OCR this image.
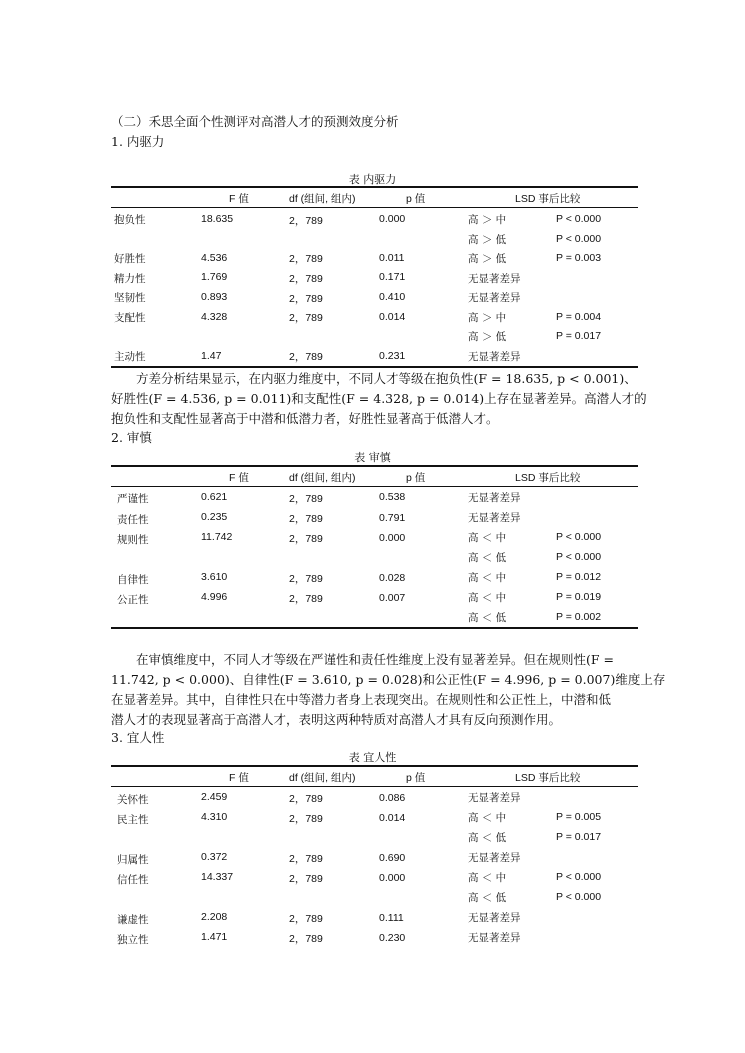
（二）禾思全面个性测评对高潜人才的预测效度分析
1. 内驱力
表 内驱力
F 值	df (组间, 组内)	p 值	LSD 事后比较
抱负性	18.635	2，789	0.000	高 ＞ 中	P < 0.000
高 ＞ 低	P < 0.000
好胜性	4.536	2，789	0.011	高 ＞ 低	P = 0.003
精力性	1.769	2，789	0.171	无显著差异
坚韧性	0.893	2，789	0.410	无显著差异
支配性	4.328	2，789	0.014	高 ＞ 中	P = 0.004
高 ＞ 低	P = 0.017
主动性	1.47	2，789	0.231	无显著差异
方差分析结果显示，在内驱力维度中，不同人才等级在抱负性(F = 18.635, p < 0.001)、
好胜性(F = 4.536, p = 0.011)和支配性(F = 4.328, p = 0.014)上存在显著差异。高潜人才的
抱负性和支配性显著高于中潜和低潜力者，好胜性显著高于低潜人才。
2. 审慎
表 审慎
F 值	df (组间, 组内)	p 值	LSD 事后比较
严谨性	0.621	2，789	0.538	无显著差异
责任性	0.235	2，789	0.791	无显著差异
规则性	11.742	2，789	0.000	高 ＜ 中	P < 0.000
高 ＜ 低	P < 0.000
自律性	3.610	2，789	0.028	高 ＜ 中	P = 0.012
公正性	4.996	2，789	0.007	高 ＜ 中	P = 0.019
高 ＜ 低	P = 0.002
在审慎维度中，不同人才等级在严谨性和责任性维度上没有显著差异。但在规则性(F =
11.742, p < 0.000)、自律性(F = 3.610, p = 0.028)和公正性(F = 4.996, p = 0.007)维度上存
在显著差异。其中，自律性只在中等潜力者身上表现突出。在规则性和公正性上，中潜和低
潜人才的表现显著高于高潜人才，表明这两种特质对高潜人才具有反向预测作用。
3. 宜人性
表 宜人性
F 值	df (组间, 组内)	p 值	LSD 事后比较
关怀性	2.459	2，789	0.086	无显著差异
民主性	4.310	2，789	0.014	高 ＜ 中	P = 0.005
高 ＜ 低	P = 0.017
归属性	0.372	2，789	0.690	无显著差异
信任性	14.337	2，789	0.000	高 ＜ 中	P < 0.000
高 ＜ 低	P < 0.000
谦虚性	2.208	2，789	0.111	无显著差异
独立性	1.471	2，789	0.230	无显著差异
